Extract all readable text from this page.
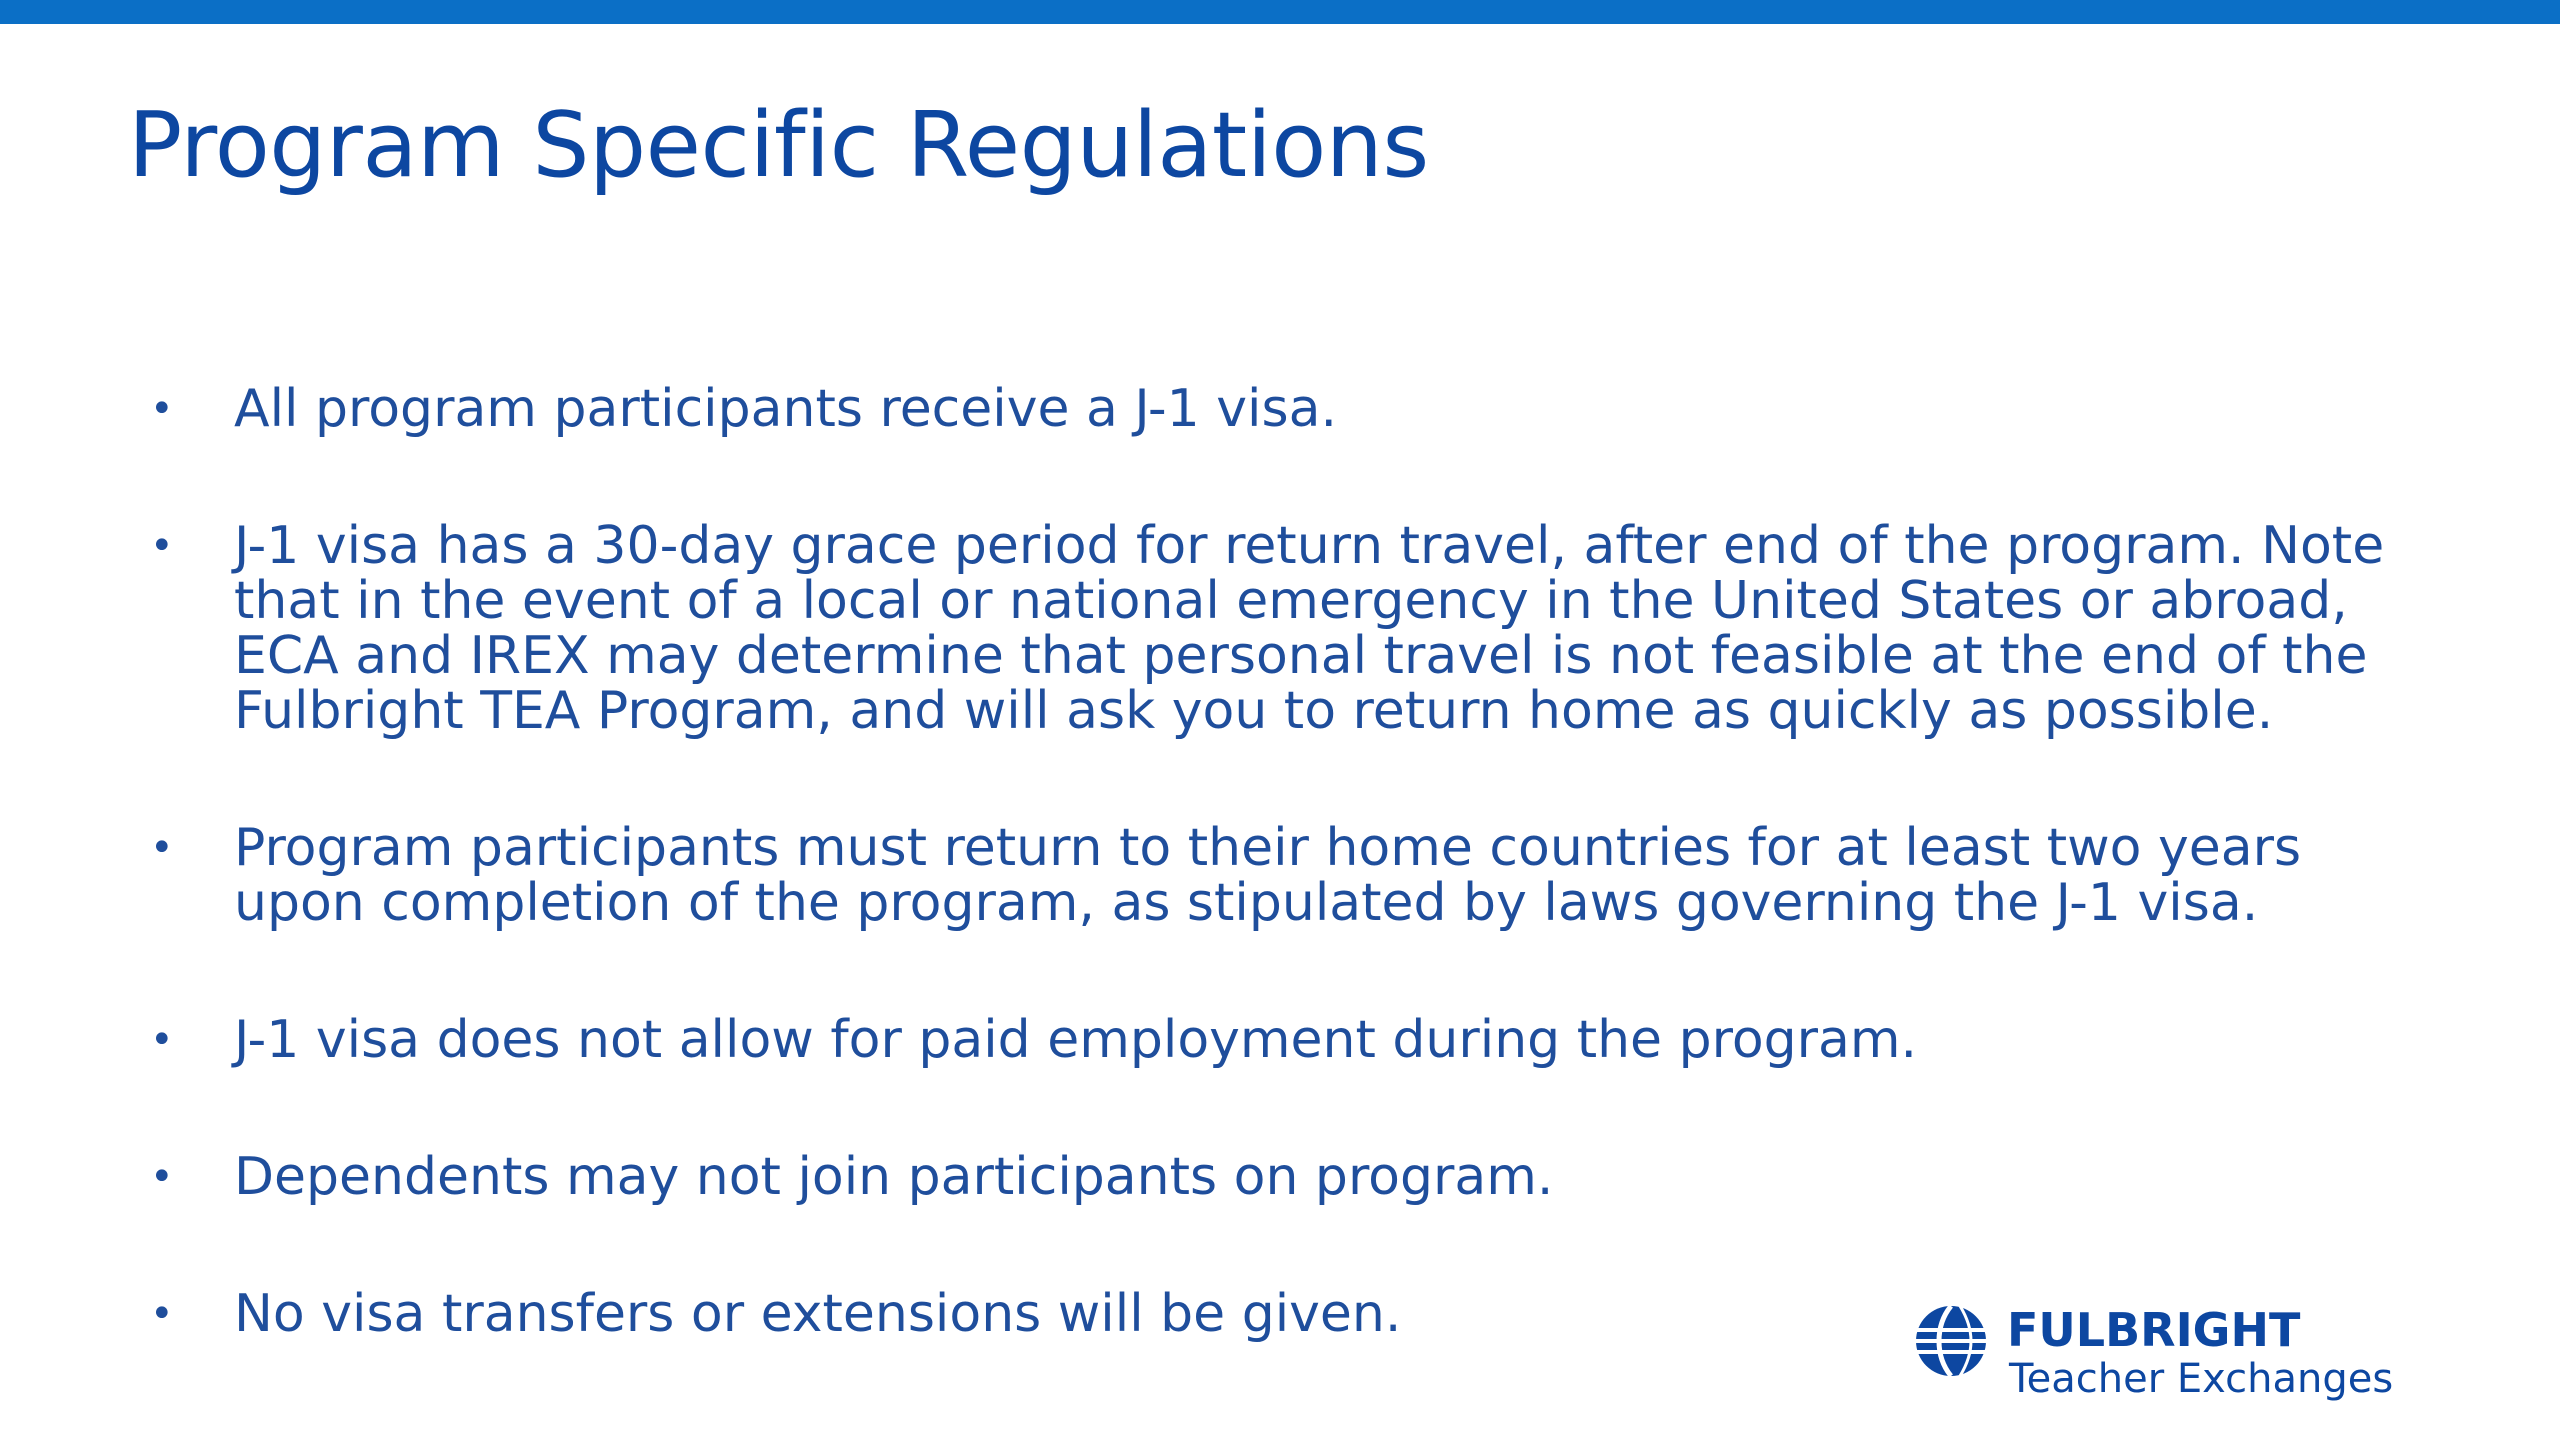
Program Specific Regulations
•	All program participants receive a J-1 visa.
•	J-1 visa has a 30-day grace period for return travel, after end of the program. Note that in the event of a local or national emergency in the United States or abroad, ECA and IREX may determine that personal travel is not feasible at the end of the Fulbright TEA Program, and will ask you to return home as quickly as possible.
•	Program participants must return to their home countries for at least two years upon completion of the program, as stipulated by laws governing the J-1 visa.
•	J-1 visa does not allow for paid employment during the program.
•	Dependents may not join participants on program.
•	No visa transfers or extensions will be given.	FULBRIGHT
Teacher Exchanges
